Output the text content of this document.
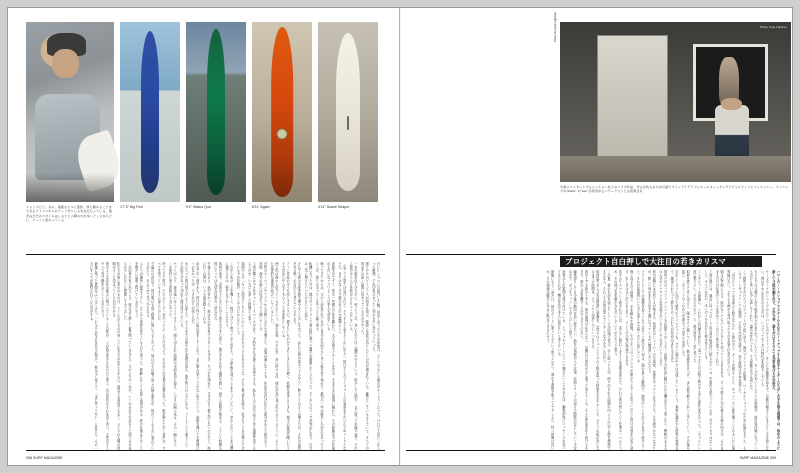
ショップにて。あの、高級なビルに集約、頃に勤めることをできるアトリエからのアート作りしるを加えたっている。販売はただのスタイルはしるとに人間のかが多いところをもとに、アートに変わっている
1'7.5" Big Fish	9'4" Status Quo	8'11" Again	4'11" Suave Seaper
白いTシャツに日焼けした腕。初めて会ったときの印象は、どこにでもいる地元のサーファーだった。けれど工房に一歩入った瞬間、その印象はまったく別のものに変わっていった。
削りかけのブランクスが何本も並び、壁際には絵の具とレジンの缶が積まれている。雑然としているようでいて、すべてが彼の手の届く位置に収まっているのが分かった。
一本の板を仕上げるのに、短くて三日、長いものでは二週間かかるという。乾かしては削り、また塗ってを繰り返す。その工程のほとんどを彼はひとりでこなしている。
「急ごうと思えば急げるけど、そうすると必ずどこかに出る」。彼はそう言ってフォームの表面を手のひらでゆっくりとなでた。目ではなく手で確かめるのが流儀らしい。
高校を出てすぐ、彼は一年間だけ島を離れた。大きな街でデザインを学び、さまざまな表現に触れた。その経験が今の作風の土台になっていることは本人も認めている。
帰ってきてからは、父の工房を手伝いながら自分の名前で少しずつ板を作り始めた。最初の一年は数本しか売れなかったというが、焦りはまったくなかったと振り返る。
転機になったのは、地元のコンテストで彼の板に乗った選手が優勝したことだった。そこから口コミで評判が広がり、注文は一気に増えていったのだという話だ。
それでも彼は生産本数を増やそうとはしなかった。「作れる数は決まってるから」。断ることのほうが増えたが、それが品質を守る唯一の方法だと考えているからだ。
アート作品のほうも同じスタンスだ。描きたいものができたときにだけ描く。依頼を受けるときも、相手の要望を聞いたうえで自由にやらせてもらうことを条件にしている。
使う色は海から拾ってくるのだという。朝の水面、夕方の空、岩に砕ける白。彼の作品に並ぶ色のひとつひとつに、そうした具体的な風景が結びついているらしい。
近年はヨーロッパやアジアからの問い合わせも増えた。言葉は通じなくても、作品を見れば伝わる部分があると彼は言う。実際、海外の展示は好評だったと聞いている。
工房の隣には小さなギャラリースペースがあり、予約をすれば誰でも見学できる。訪れた人に自分の手で作る過程を見てもらうのが、いちばん楽しい時間だと笑う。
周囲からは「もっと商売にしたらいいのに」と言われることもあるそうだ。けれど彼は首を振る。好きなことを仕事にできている今の状態が、すでに十分だからだという。
これから先のことを聞くと、彼はしばらく黙ってから答えた。「五年後も同じことをやっていたい」。変わらないことを目標に掲げるのは、案外むずかしいことだろう。
取材の途中、近所の子どもたちが工房をのぞきに来た。彼は手を止めて端材を渡し、何やら説明を始める。こういう時間も彼にとっては大切な仕事の一部なのだ。
午後になると、風が変わった。彼は窓の外を見て小さくうなずき、片づけを始めた。今日はもう板に戻らないのだろう。海に行く合図は、いつも風が教えてくれる。
浜まで歩く道すがら、彼は次に作りたい板の話をしてくれた。まだ誰も見たことのない形だという。説明を聞いても想像はつかなかったが、できあがりが楽しみだ。
水に入った彼は別人のように見えた。さっきまでの穏やかな表情が消え、波を待つ目つきになる。つくることと乗ること、その両方があって初めて彼は成立している。
セットが入り、彼は迷いなくテイクオフした。削り出された曲線が水面を切り裂き、しぶきが陽に光る。その一瞬だけで、この取材に来た意味は十分にあった。
戻ってきた彼は、ただひとこと「良かったよ」とだけ言った。そのあとの言葉は必要なかった。板を抱えて歩く背中が、すべてを語っているように見えたからだ。
夕暮れの浜辺で、彼は明日も同じ時間に海に入ると言った。毎日のその繰り返しの積み重ねが、彼のつくるものに表れているのだと、あらためて気づかされる。
ひとつの場所に根を下ろし、そこから世界を見ている人だと思った。移動しなくても届く表現がある。彼の仕事はそのことを静かに証明し続けているのだろう。
この記事が世に出るころ、彼はまた新しい板を削っているはずだ。そのうちの一本が、いつかあなたの足もとに届く日が来るかもしれないと想像してみてほしい。
私たちが彼に惹かれるのは、つくられたものの向こうに生き方が見えるからだ。道具でも商品でもなく、ひとりの人間の時間がそこに詰まっているのが分かる。
彼のような存在が地元に根づいていること自体が、この島の豊かさなのだと思う。次の世代がそれを見て育つ。文化はそうやって受け継がれていくものだろう。
最後に残った質問をぶつけてみた。「いちばん好きな自分の板は」。彼は少し考えて、「まだ作ってない」と答えた。その一言にすべてが集約されていた気がする。
008 SURF MAGAZINE
Photo: Kyle Lightner
今春よりスタートするシェルビー社とのコラボ作品、作るが色入れやが石屋でウインドトグラフにルールキャッチングアクリルナイフとフィニッシュ、ランニングの"black" の"ben"が背景中心パワードビンとは表現され
Photo by Kyle Lightner
プロジェクト自白押しで大注目の若きカリスマ
ハワイのノースショアでスタイルも心もヒートアップする若手ライダーたちがしのぎを削る現場では、毎年のように新しい才能が顔を出す。だが今季、誰もが口をそろえて名前を挙げるのが彼だ。
サーフボードのシェイプからアパレルのグラフィック、さらには映像作品まで。活動の幅はとどまるところを知らない。彼の手から生まれるものは、いつだって少しだけ時代を先取りしている。
もともとは父親の工房で板を削るのを手伝っていたという。木くずの匂いとレジンの感触が、彼の原体験になっているのだと笑いながら話してくれた。道具は変わっても、その姿勢は今も同じだ。
ここ数年で手がけたプロジェクトは十指に余る。海外ブランドとの協業、ローカルショップのための限定モデル、そしてアートギャラリーでの個展。どれもが評判を呼び、待ち時間は半年を超えた。
「自分にとっては全部ひと続きなんだ」と彼は言う。ボードを削ることと、キャンバスに絵を描くことのあいだに境界線はない。どちらも海から受け取ったものを返す行為なのだという。
朝は必ず海に入る。波がなくてもパドルだけして戻ってくる日もある。そこで感じた水の重さや風の向きが、そのままその日の仕事のリズムを決めていくのだと彼は語ってくれた。
工房の壁には、過去に作ったボードの写真が無造作に貼られている。失敗作も混じっているが、外すつもりはないらしい。すべてが次の一本へのメモなのだと彼は考えている。
インタビューの最後に、これからの目標を尋ねた。返ってきたのは拍子抜けするほど素朴な答えだった。「もっといい波に乗りたい。それだけだよ」と、彼は肩をすくめて笑った。
取材を終えて外に出ると、陽はすでに傾いていた。彼は道具を片づけ、また板を抱えて浜へと歩いていく。その後ろ姿に、このシーンのこれからが重なって見えた気がした。
次のシーズンに向けた新作のラインナップも、すでに頭の中では完成しているという。素材の選定から塗装の質感まで、細部にわたって彼なりのこだわりが詰め込まれる予定だ。
国内でのポップアップイベントも企画中とのことで、直接その作品に触れられる機会はそう遠くない。興味のある人は公式のアナウンスを見逃さないようにしておきたいところだ。
彼の周囲には自然と人が集まる。同世代のシェイパーや写真家、音楽をやっている友人たち。その緩やかなつながりが、新しい何かを生み出す土壌になっているのは間違いないだろう。
ブランドとしての規模を追うつもりはないと彼は言い切る。顔の見える範囲で、納得のいくものだけを作り続けること。それが結果的にいちばん遠くまで届くのだと信じている。
海と向き合う時間と、手を動かす時間。そのふたつのバランスが崩れたときこそ危ういのだと彼は自戒を込めて話す。忙しさは言い訳にならない、というのが彼の持論でもある。
若きカリスマという呼ばれ方には、まだ少し照れくさそうな表情を見せた。けれど彼が残していく仕事の一つひとつが、その呼び名を確かなものにしていくのだろうと思う。
この夏、彼の名前を冠したシリーズが店頭に並ぶ。手に取った人が、削り出された曲線の向こうに広がる海を想像できたなら、それこそが彼の望んでいることなのかもしれない。
取材協力および写真提供に感謝を。次号ではシェイピングの工程を追った特集を予定している。ひとつの板が形になるまでの時間を、じっくりと紹介していくつもりだ。
波の上でも陸の上でも、彼の表現は止まらない。見慣れた景色が少し違って見えてくる。そんな作品を作り続けるかぎり、彼から目を離すことはできそうにない。
編集部としても今後の動向を追い続けたい。新作の情報が入り次第、誌面とウェブの両方で随時お伝えしていく予定なので、ぜひチェックしてみてほしいと思う。
読者からの質問も受け付けている。シェイプやアートについて聞きたいことがあれば、編集部宛にメッセージを送ってもらえれば、機会を見て本人に届けたいと考えている。
最後にもう一度だけ。彼のボードに乗ってみたいと思ったなら、迷わず連絡を取ってみることだ。待つ時間は長いが、その価値は確実にあると断言できるだろう。
SURF MAGAZINE 009
